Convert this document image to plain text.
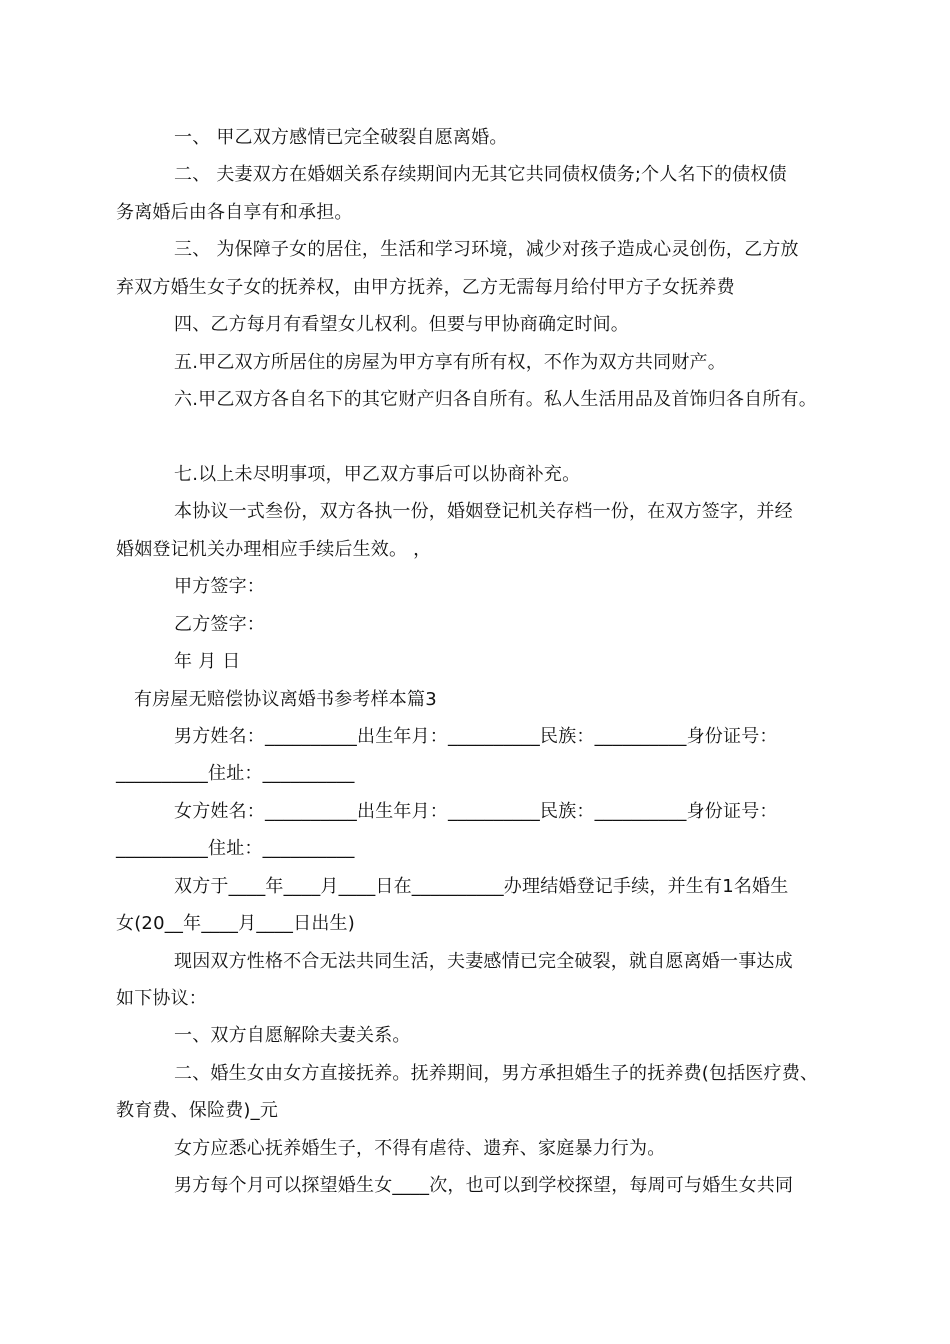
一、 甲乙双方感情已完全破裂自愿离婚。

二、 夫妻双方在婚姻关系存续期间内无其它共同债权债务;个人名下的债权债

务离婚后由各自享有和承担。

三、 为保障子女的居住，生活和学习环境，减少对孩子造成心灵创伤，乙方放

弃双方婚生女子女的抚养权，由甲方抚养，乙方无需每月给付甲方子女抚养费

四、乙方每月有看望女儿权利。但要与甲协商确定时间。

五.甲乙双方所居住的房屋为甲方享有所有权，不作为双方共同财产。

六.甲乙双方各自名下的其它财产归各自所有。私人生活用品及首饰归各自所有。

七.以上未尽明事项，甲乙双方事后可以协商补充。

本协议一式叁份，双方各执一份，婚姻登记机关存档一份，在双方签字，并经

婚姻登记机关办理相应手续后生效。 ，

甲方签字：

乙方签字：

年 月 日

有房屋无赔偿协议离婚书参考样本篇3

男方姓名：__________出生年月：__________民族：__________身份证号：

__________住址：__________

女方姓名：__________出生年月：__________民族：__________身份证号：

__________住址：__________

双方于____年____月____日在__________办理结婚登记手续，并生有1名婚生

女(20__年____月____日出生)

现因双方性格不合无法共同生活，夫妻感情已完全破裂，就自愿离婚一事达成

如下协议：

一、双方自愿解除夫妻关系。

二、婚生女由女方直接抚养。抚养期间，男方承担婚生子的抚养费(包括医疗费、

教育费、保险费)_元

女方应悉心抚养婚生子，不得有虐待、遗弃、家庭暴力行为。

男方每个月可以探望婚生女____次，也可以到学校探望，每周可与婚生女共同
